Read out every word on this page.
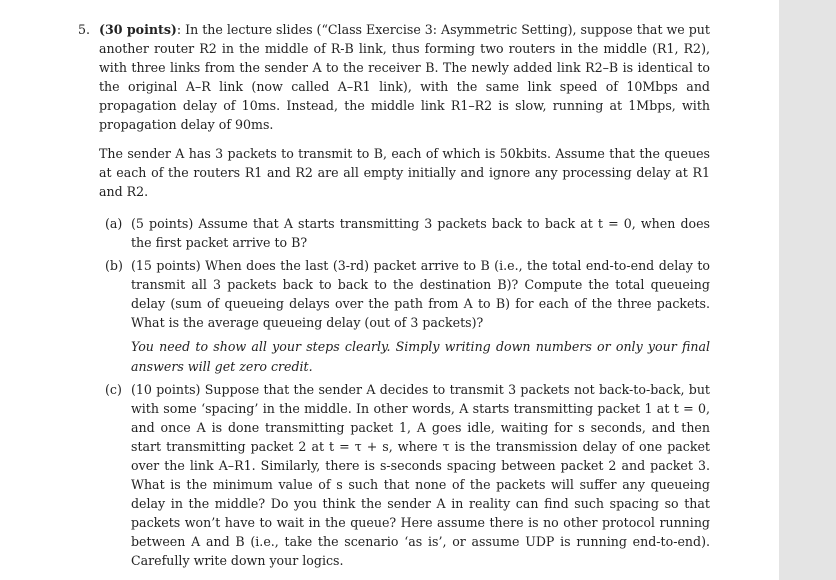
5. (30 points): In the lecture slides (“Class Exercise 3: Asymmetric Setting), suppose that we put another router R2 in the middle of R-B link, thus forming two routers in the middle (R1, R2), with three links from the sender A to the receiver B. The newly added link R2–B is identical to the original A–R link (now called A–R1 link), with the same link speed of 10Mbps and propagation delay of 10ms. Instead, the middle link R1–R2 is slow, running at 1Mbps, with propagation delay of 90ms.

The sender A has 3 packets to transmit to B, each of which is 50kbits. Assume that the queues at each of the routers R1 and R2 are all empty initially and ignore any processing delay at R1 and R2.

(a) (5 points) Assume that A starts transmitting 3 packets back to back at t = 0, when does the first packet arrive to B?

(b) (15 points) When does the last (3-rd) packet arrive to B (i.e., the total end-to-end delay to transmit all 3 packets back to back to the destination B)? Compute the total queueing delay (sum of queueing delays over the path from A to B) for each of the three packets. What is the average queueing delay (out of 3 packets)?

You need to show all your steps clearly. Simply writing down numbers or only your final answers will get zero credit.

(c) (10 points) Suppose that the sender A decides to transmit 3 packets not back-to-back, but with some ‘spacing’ in the middle. In other words, A starts transmitting packet 1 at t = 0, and once A is done transmitting packet 1, A goes idle, waiting for s seconds, and then start transmitting packet 2 at t = τ + s, where τ is the transmission delay of one packet over the link A–R1. Similarly, there is s-seconds spacing between packet 2 and packet 3. What is the minimum value of s such that none of the packets will suffer any queueing delay in the middle? Do you think the sender A in reality can find such spacing so that packets won’t have to wait in the queue? Here assume there is no other protocol running between A and B (i.e., take the scenario ‘as is’, or assume UDP is running end-to-end). Carefully write down your logics.
